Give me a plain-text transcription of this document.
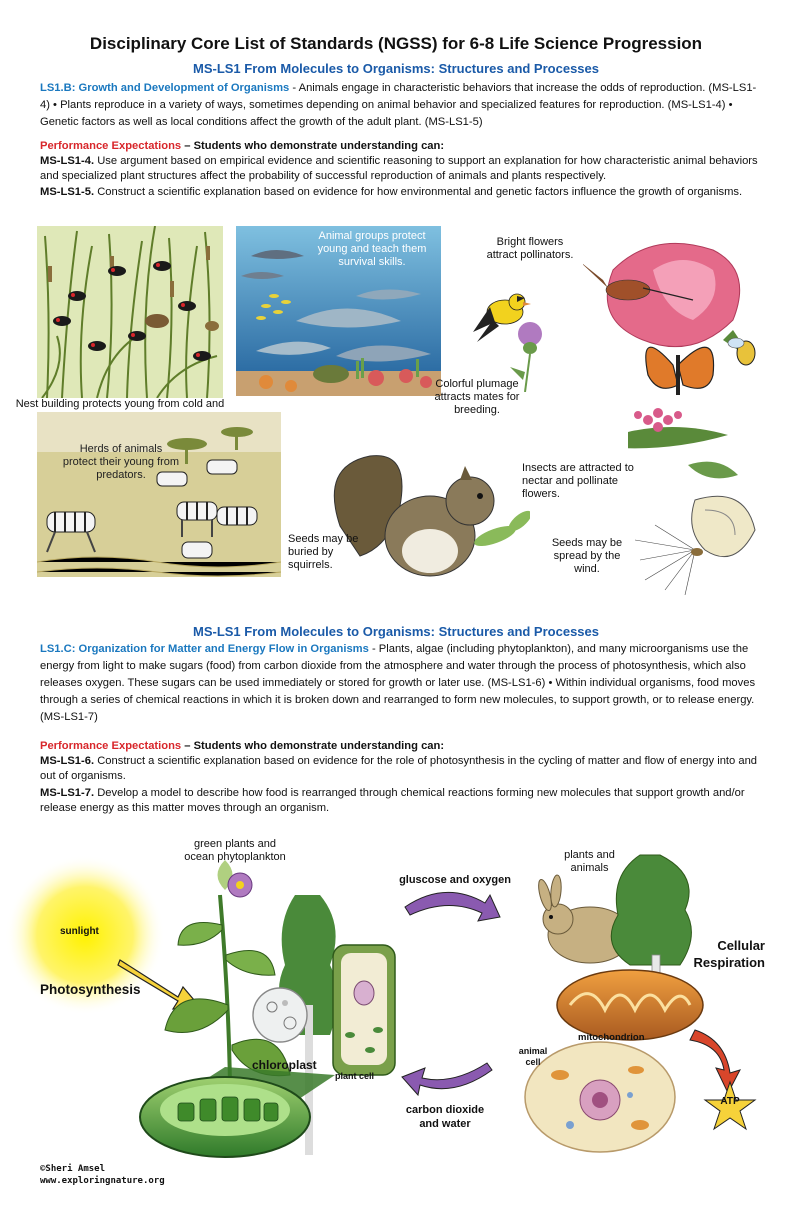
Disciplinary Core List of Standards (NGSS) for 6-8 Life Science Progression
MS-LS1 From Molecules to Organisms: Structures and Processes
LS1.B: Growth and Development of Organisms - Animals engage in characteristic behaviors that increase the odds of reproduction. (MS-LS1-4) • Plants reproduce in a variety of ways, sometimes depending on animal behavior and specialized features for reproduction. (MS-LS1-4) • Genetic factors as well as local conditions affect the growth of the adult plant. (MS-LS1-5)
Performance Expectations – Students who demonstrate understanding can:
MS-LS1-4. Use argument based on empirical evidence and scientific reasoning to support an explanation for how characteristic animal behaviors and specialized plant structures affect the probability of successful reproduction of animals and plants respectively.
MS-LS1-5. Construct a scientific explanation based on evidence for how environmental and genetic factors influence the growth of organisms.
Nest building protects young from cold and
Animal groups protect young and teach them survival skills.
Herds of animals protect their young from predators.
Bright flowers attract pollinators.
Colorful plumage attracts mates for breeding.
Insects are attracted to nectar and pollinate flowers.
Seeds may be buried by squirrels.
Seeds may be spread by the wind.
MS-LS1 From Molecules to Organisms: Structures and Processes
LS1.C: Organization for Matter and Energy Flow in Organisms - Plants, algae (including phytoplankton), and many microorganisms use the energy from light to make sugars (food) from carbon dioxide from the atmosphere and water through the process of photosynthesis, which also releases oxygen. These sugars can be used immediately or stored for growth or later use. (MS-LS1-6) • Within individual organisms, food moves through a series of chemical reactions in which it is broken down and rearranged to form new molecules, to support growth, or to release energy. (MS-LS1-7)
Performance Expectations – Students who demonstrate understanding can:
MS-LS1-6. Construct a scientific explanation based on evidence for the role of photosynthesis in the cycling of matter and flow of energy into and out of organisms.
MS-LS1-7. Develop a model to describe how food is rearranged through chemical reactions forming new molecules that support growth and/or release energy as this matter moves through an organism.
green plants and ocean phytoplankton
gluscose and oxygen
plants and animals
sunlight
Photosynthesis
Cellular Respiration
mitochondrion
animal cell
chloroplast
plant cell
ATP
carbon dioxide and water
©Sheri Amsel
www.exploringnature.org
